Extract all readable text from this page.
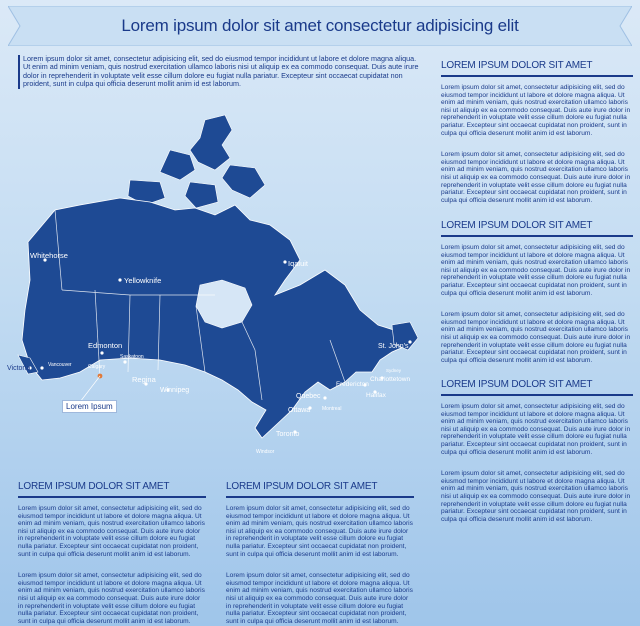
Lorem ipsum dolor sit amet consectetur adipisicing elit
Lorem ipsum dolor sit amet, consectetur adipisicing elit, sed do eiusmod tempor incididunt ut labore et dolore magna aliqua. Ut enim ad minim veniam, quis nostrud exercitation ullamco laboris nisi ut aliquip ex ea commodo consequat. Duis aute irure dolor in reprehenderit in voluptate velit esse cillum dolore eu fugiat nulla pariatur. Excepteur sint occaecat cupidatat non proident, sunt in culpa qui officia deserunt mollit anim id est laborum.
Whitehorse
Yellowknife
Iqaluit
Edmonton
Calgary
Saskatoon
Regina
Winnipeg
Victoria	Vancouver
Quebec
Montreal
Ottawa
Toronto
Windsor
St. John's
Fredericton
Charlottetown
Halifax
Sydney
Lorem Ipsum
LOREM IPSUM DOLOR SIT AMET
Lorem ipsum dolor sit amet, consectetur adipisicing elit, sed do eiusmod tempor incididunt ut labore et dolore magna aliqua. Ut enim ad minim veniam, quis nostrud exercitation ullamco laboris nisi ut aliquip ex ea commodo consequat. Duis aute irure dolor in reprehenderit in voluptate velit esse cillum dolore eu fugiat nulla pariatur. Excepteur sint occaecat cupidatat non proident, sunt in culpa qui officia deserunt mollit anim id est laborum.
Lorem ipsum dolor sit amet, consectetur adipisicing elit, sed do eiusmod tempor incididunt ut labore et dolore magna aliqua. Ut enim ad minim veniam, quis nostrud exercitation ullamco laboris nisi ut aliquip ex ea commodo consequat. Duis aute irure dolor in reprehenderit in voluptate velit esse cillum dolore eu fugiat nulla pariatur. Excepteur sint occaecat cupidatat non proident, sunt in culpa qui officia deserunt mollit anim id est laborum.
LOREM IPSUM DOLOR SIT AMET
Lorem ipsum dolor sit amet, consectetur adipisicing elit, sed do eiusmod tempor incididunt ut labore et dolore magna aliqua. Ut enim ad minim veniam, quis nostrud exercitation ullamco laboris nisi ut aliquip ex ea commodo consequat. Duis aute irure dolor in reprehenderit in voluptate velit esse cillum dolore eu fugiat nulla pariatur. Excepteur sint occaecat cupidatat non proident, sunt in culpa qui officia deserunt mollit anim id est laborum.
Lorem ipsum dolor sit amet, consectetur adipisicing elit, sed do eiusmod tempor incididunt ut labore et dolore magna aliqua. Ut enim ad minim veniam, quis nostrud exercitation ullamco laboris nisi ut aliquip ex ea commodo consequat. Duis aute irure dolor in reprehenderit in voluptate velit esse cillum dolore eu fugiat nulla pariatur. Excepteur sint occaecat cupidatat non proident, sunt in culpa qui officia deserunt mollit anim id est laborum.
LOREM IPSUM DOLOR SIT AMET
Lorem ipsum dolor sit amet, consectetur adipisicing elit, sed do eiusmod tempor incididunt ut labore et dolore magna aliqua. Ut enim ad minim veniam, quis nostrud exercitation ullamco laboris nisi ut aliquip ex ea commodo consequat. Duis aute irure dolor in reprehenderit in voluptate velit esse cillum dolore eu fugiat nulla pariatur. Excepteur sint occaecat cupidatat non proident, sunt in culpa qui officia deserunt mollit anim id est laborum.
Lorem ipsum dolor sit amet, consectetur adipisicing elit, sed do eiusmod tempor incididunt ut labore et dolore magna aliqua. Ut enim ad minim veniam, quis nostrud exercitation ullamco laboris nisi ut aliquip ex ea commodo consequat. Duis aute irure dolor in reprehenderit in voluptate velit esse cillum dolore eu fugiat nulla pariatur. Excepteur sint occaecat cupidatat non proident, sunt in culpa qui officia deserunt mollit anim id est laborum.
LOREM IPSUM DOLOR SIT AMET
Lorem ipsum dolor sit amet, consectetur adipisicing elit, sed do eiusmod tempor incididunt ut labore et dolore magna aliqua. Ut enim ad minim veniam, quis nostrud exercitation ullamco laboris nisi ut aliquip ex ea commodo consequat. Duis aute irure dolor in reprehenderit in voluptate velit esse cillum dolore eu fugiat nulla pariatur. Excepteur sint occaecat cupidatat non proident, sunt in culpa qui officia deserunt mollit anim id est laborum.
Lorem ipsum dolor sit amet, consectetur adipisicing elit, sed do eiusmod tempor incididunt ut labore et dolore magna aliqua. Ut enim ad minim veniam, quis nostrud exercitation ullamco laboris nisi ut aliquip ex ea commodo consequat. Duis aute irure dolor in reprehenderit in voluptate velit esse cillum dolore eu fugiat nulla pariatur. Excepteur sint occaecat cupidatat non proident, sunt in culpa qui officia deserunt mollit anim id est laborum.
LOREM IPSUM DOLOR SIT AMET
Lorem ipsum dolor sit amet, consectetur adipisicing elit, sed do eiusmod tempor incididunt ut labore et dolore magna aliqua. Ut enim ad minim veniam, quis nostrud exercitation ullamco laboris nisi ut aliquip ex ea commodo consequat. Duis aute irure dolor in reprehenderit in voluptate velit esse cillum dolore eu fugiat nulla pariatur. Excepteur sint occaecat cupidatat non proident, sunt in culpa qui officia deserunt mollit anim id est laborum.
Lorem ipsum dolor sit amet, consectetur adipisicing elit, sed do eiusmod tempor incididunt ut labore et dolore magna aliqua. Ut enim ad minim veniam, quis nostrud exercitation ullamco laboris nisi ut aliquip ex ea commodo consequat. Duis aute irure dolor in reprehenderit in voluptate velit esse cillum dolore eu fugiat nulla pariatur. Excepteur sint occaecat cupidatat non proident, sunt in culpa qui officia deserunt mollit anim id est laborum.
